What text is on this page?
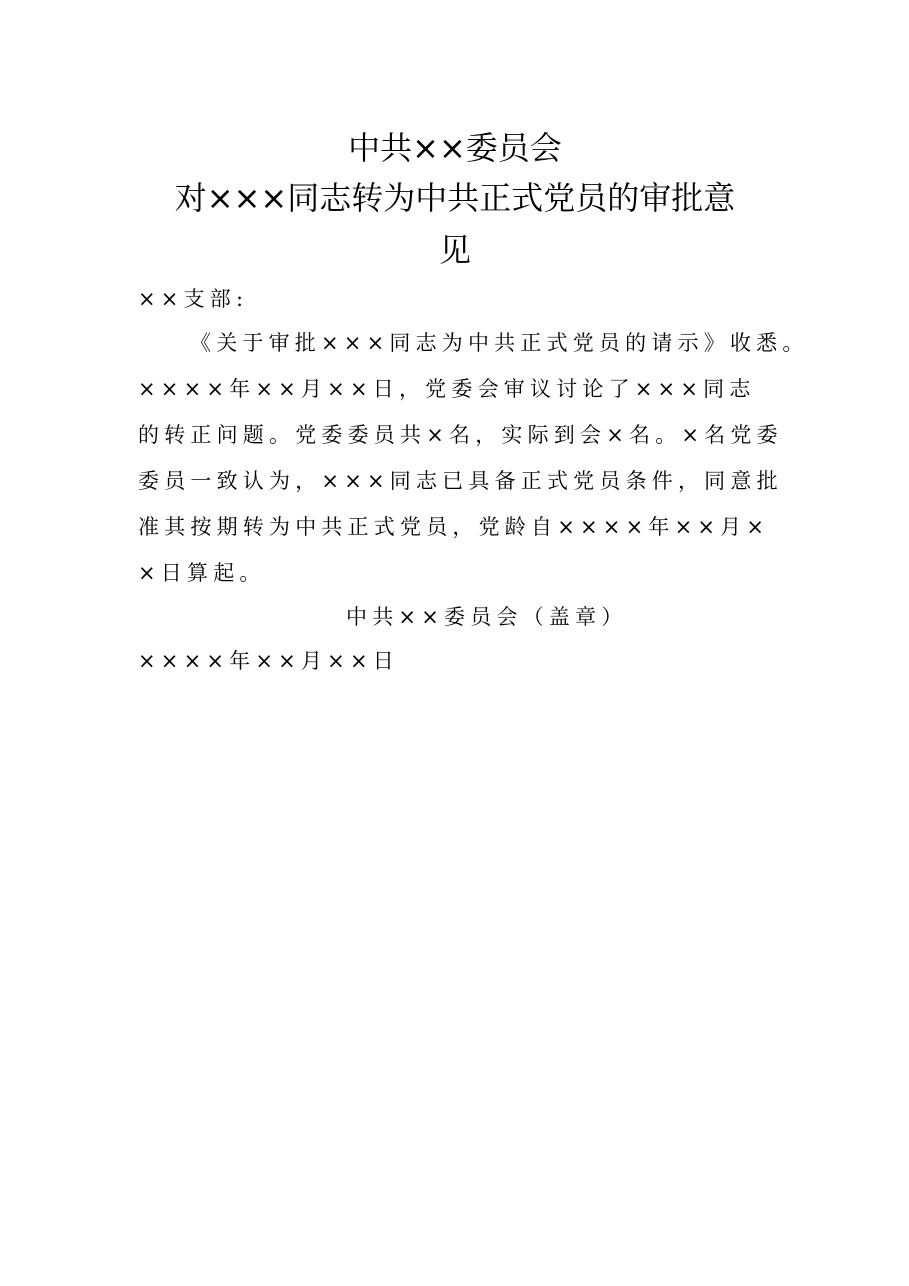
中共××委员会
对×××同志转为中共正式党员的审批意
见
××支部:
《关于审批×××同志为中共正式党员的请示》收悉。
××××年××月××日，党委会审议讨论了×××同志
的转正问题。党委委员共×名，实际到会×名。×名党委
委员一致认为，×××同志已具备正式党员条件，同意批
准其按期转为中共正式党员，党龄自××××年××月×
×日算起。
中共××委员会（盖章）
××××年××月××日
